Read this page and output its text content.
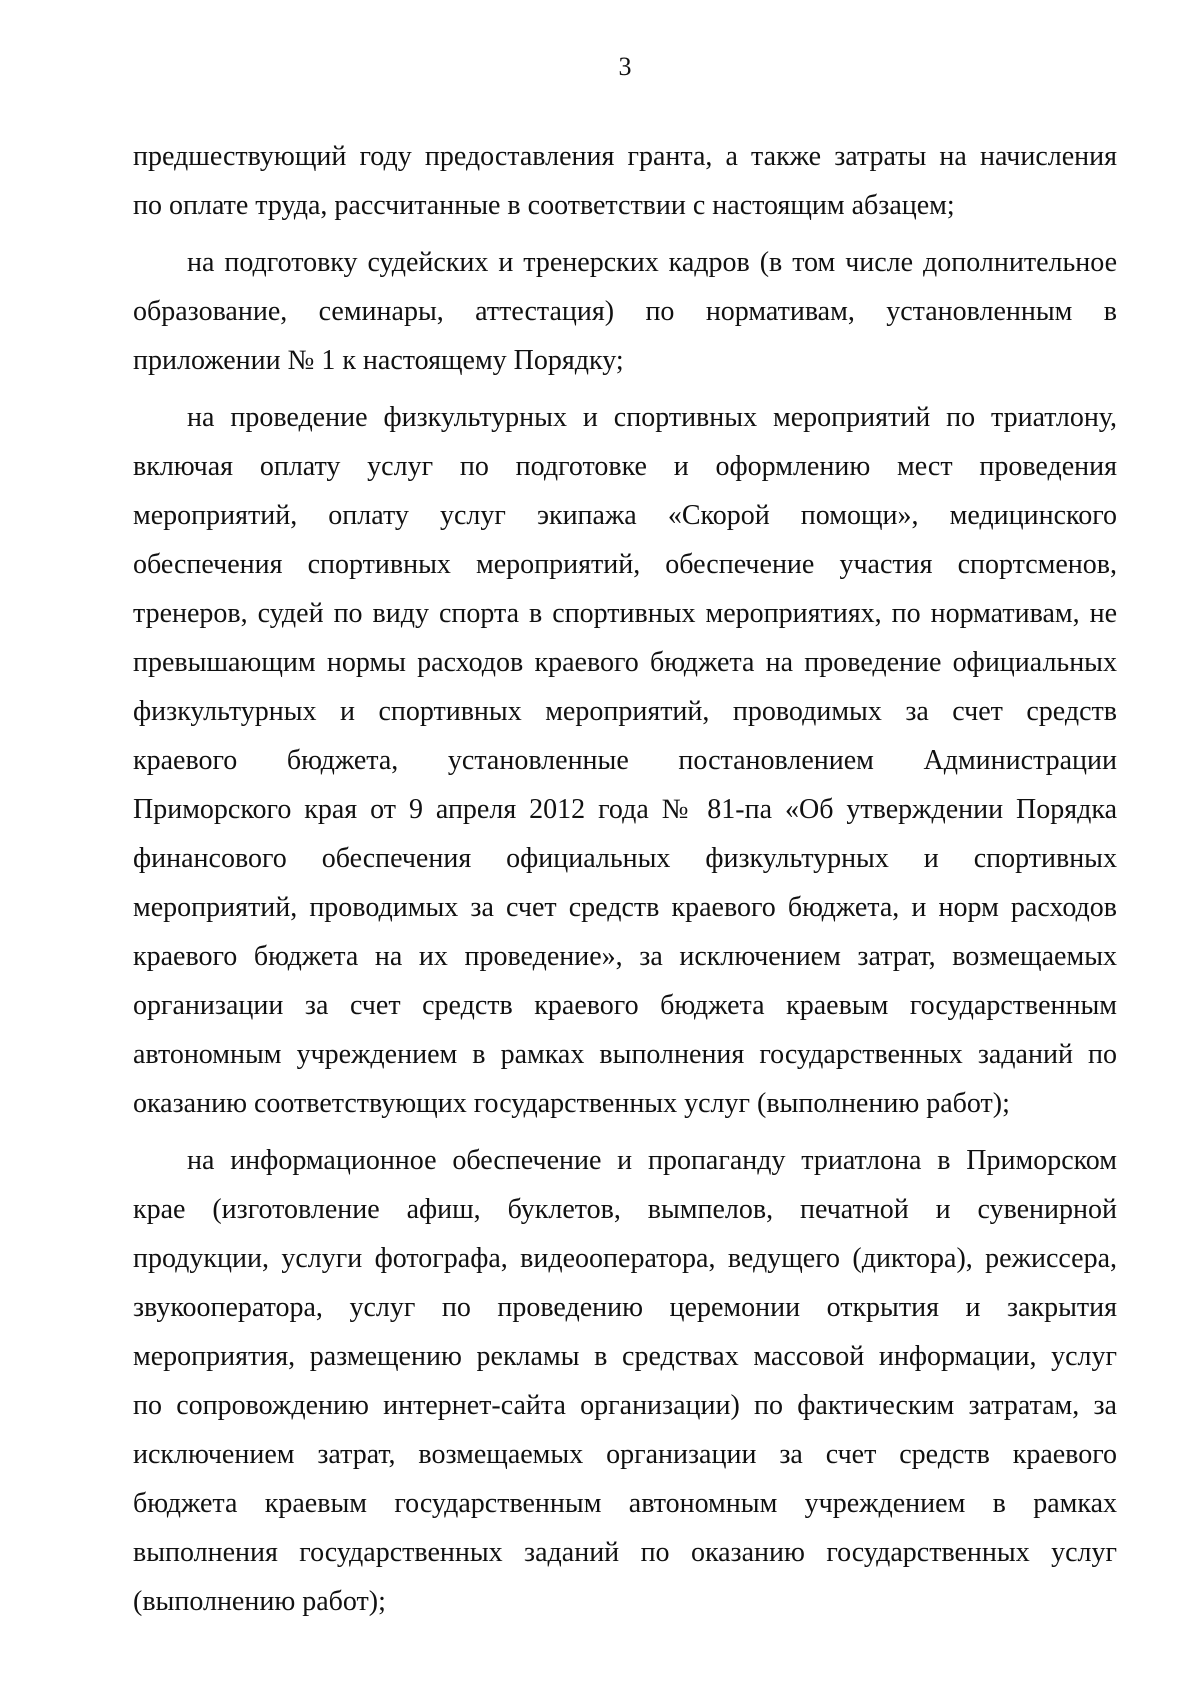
3
предшествующий году предоставления гранта, а также затраты на начисления
по оплате труда, рассчитанные в соответствии с настоящим абзацем;
на подготовку судейских и тренерских кадров (в том числе дополнительное
образование, семинары, аттестация) по нормативам, установленным в
приложении № 1 к настоящему Порядку;
на проведение физкультурных и спортивных мероприятий по триатлону,
включая оплату услуг по подготовке и оформлению мест проведения
мероприятий, оплату услуг экипажа «Скорой помощи», медицинского
обеспечения спортивных мероприятий, обеспечение участия спортсменов,
тренеров, судей по виду спорта в спортивных мероприятиях, по нормативам, не
превышающим нормы расходов краевого бюджета на проведение официальных
физкультурных и спортивных мероприятий, проводимых за счет средств
краевого бюджета, установленные постановлением Администрации
Приморского края от 9 апреля 2012 года № 81-па «Об утверждении Порядка
финансового обеспечения официальных физкультурных и спортивных
мероприятий, проводимых за счет средств краевого бюджета, и норм расходов
краевого бюджета на их проведение», за исключением затрат, возмещаемых
организации за счет средств краевого бюджета краевым государственным
автономным учреждением в рамках выполнения государственных заданий по
оказанию соответствующих государственных услуг (выполнению работ);
на информационное обеспечение и пропаганду триатлона в Приморском
крае (изготовление афиш, буклетов, вымпелов, печатной и сувенирной
продукции, услуги фотографа, видеооператора, ведущего (диктора), режиссера,
звукооператора, услуг по проведению церемонии открытия и закрытия
мероприятия, размещению рекламы в средствах массовой информации, услуг
по сопровождению интернет-сайта организации) по фактическим затратам, за
исключением затрат, возмещаемых организации за счет средств краевого
бюджета краевым государственным автономным учреждением в рамках
выполнения государственных заданий по оказанию государственных услуг
(выполнению работ);
